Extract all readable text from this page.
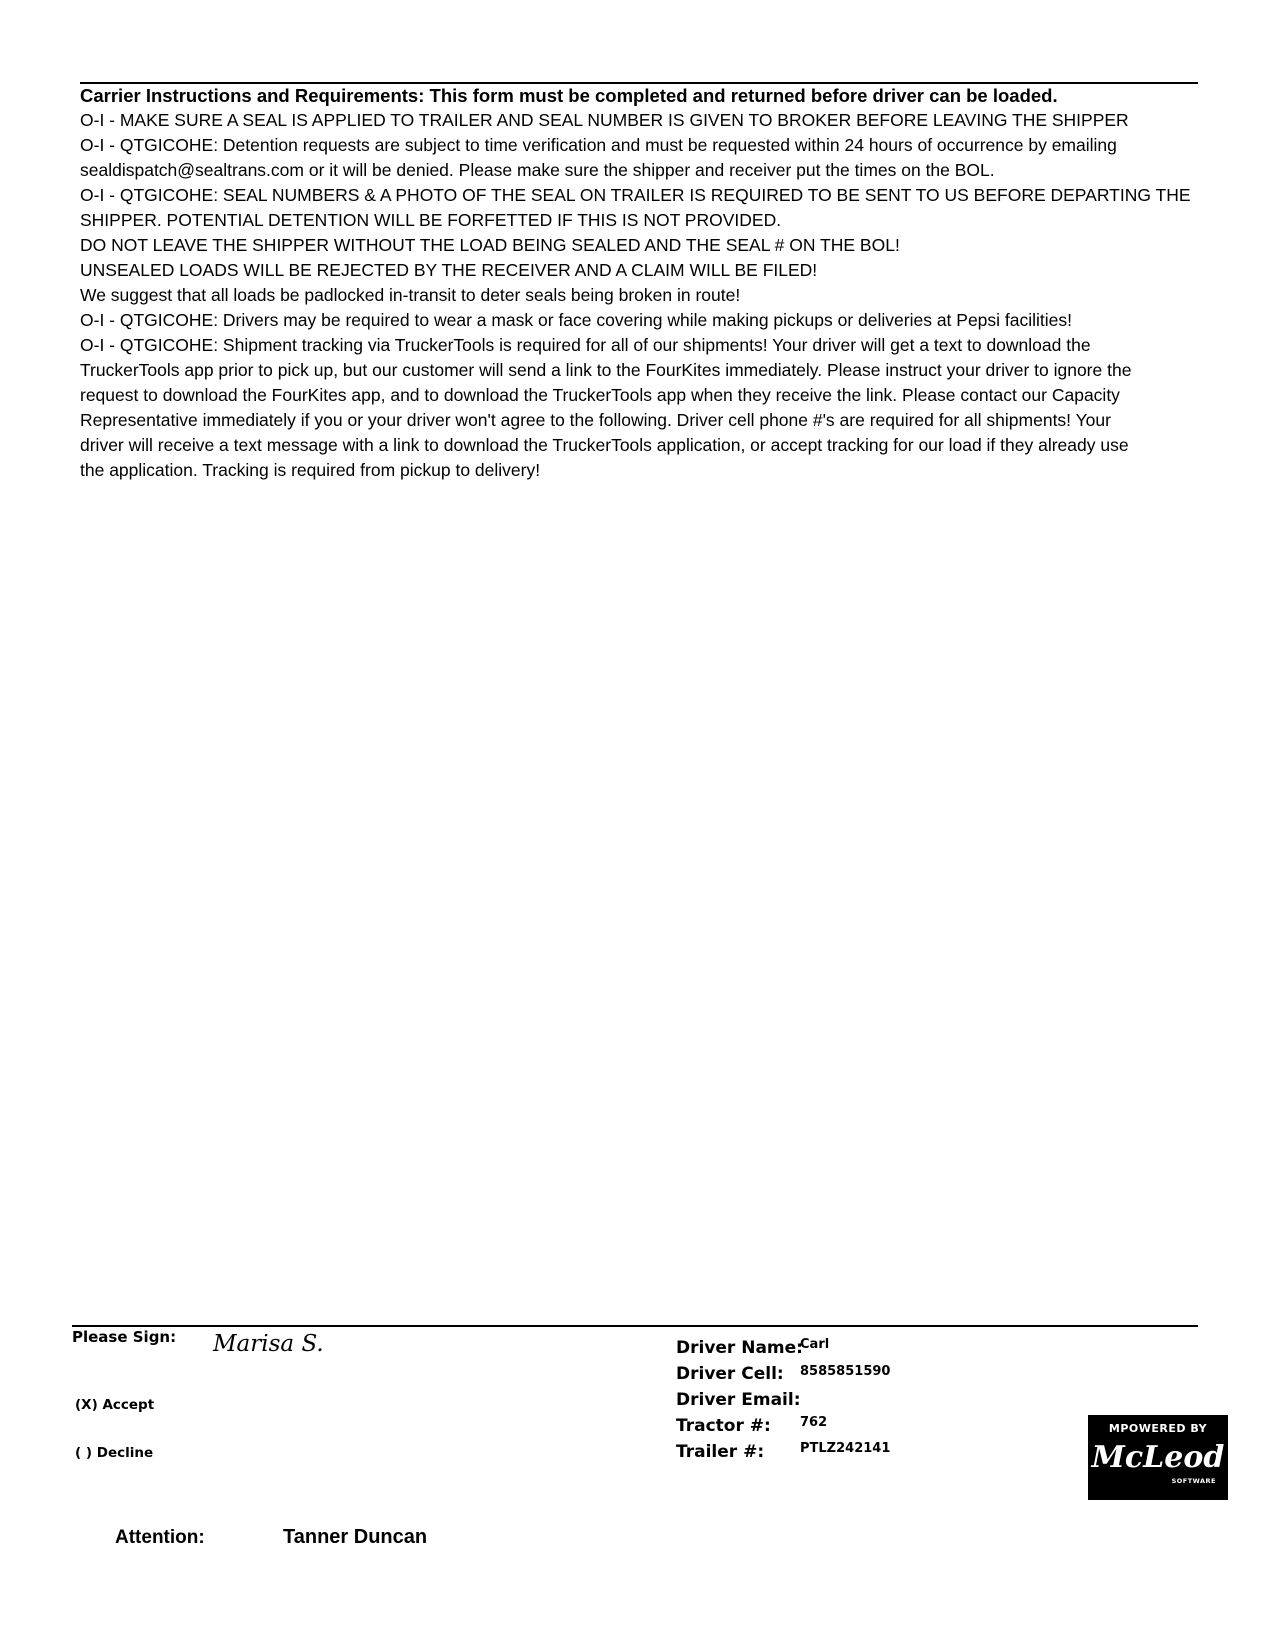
Carrier Instructions and Requirements: This form must be completed and returned before driver can be loaded.
O-I - MAKE SURE A SEAL IS APPLIED TO TRAILER AND SEAL NUMBER IS GIVEN TO BROKER BEFORE LEAVING THE SHIPPER
O-I - QTGICOHE: Detention requests are subject to time verification and must be requested within 24 hours of occurrence by emailing sealdispatch@sealtrans.com or it will be denied. Please make sure the shipper and receiver put the times on the BOL.
O-I - QTGICOHE: SEAL NUMBERS & A PHOTO OF THE SEAL ON TRAILER IS REQUIRED TO BE SENT TO US BEFORE DEPARTING THE SHIPPER. POTENTIAL DETENTION WILL BE FORFETTED IF THIS IS NOT PROVIDED.
DO NOT LEAVE THE SHIPPER WITHOUT THE LOAD BEING SEALED AND THE SEAL # ON THE BOL!
UNSEALED LOADS WILL BE REJECTED BY THE RECEIVER AND A CLAIM WILL BE FILED!
We suggest that all loads be padlocked in-transit to deter seals being broken in route!
O-I - QTGICOHE: Drivers may be required to wear a mask or face covering while making pickups or deliveries at Pepsi facilities!
O-I - QTGICOHE: Shipment tracking via TruckerTools is required for all of our shipments! Your driver will get a text to download the TruckerTools app prior to pick up, but our customer will send a link to the FourKites immediately. Please instruct your driver to ignore the request to download the FourKites app, and to download the TruckerTools app when they receive the link. Please contact our Capacity Representative immediately if you or your driver won't agree to the following. Driver cell phone #'s are required for all shipments! Your driver will receive a text message with a link to download the TruckerTools application, or accept tracking for our load if they already use the application. Tracking is required from pickup to delivery!
Please Sign: Marisa S.
(X) Accept
( ) Decline
Driver Name:
Carl
Driver Cell: 8585851590
Driver Email:
Tractor #: 762
Trailer #:	PTLZ242141
MPOWERED BY
McLeod
SOFTWARE
Attention:	Tanner Duncan
